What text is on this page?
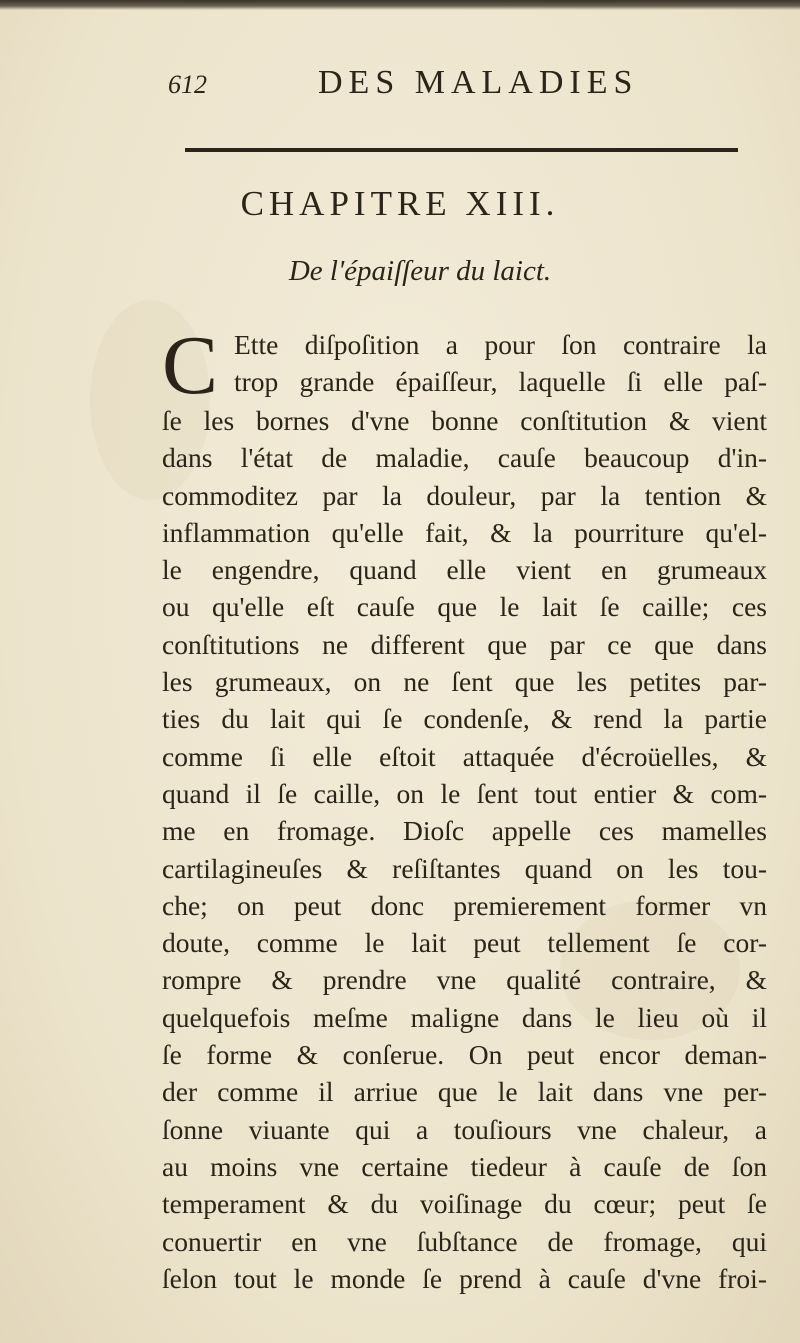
612	DES MALADIES
CHAPITRE XIII.
De l'épaiſſeur du laict.
C Ette diſpoſition a pour ſon contraire la
trop grande épaiſſeur, laquelle ſi elle paſ-
ſe les bornes d'vne bonne conſtitution & vient
dans l'état de maladie, cauſe beaucoup d'in-
commoditez par la douleur, par la tention &
inflammation qu'elle fait, & la pourriture qu'el-
le engendre, quand elle vient en grumeaux
ou qu'elle eſt cauſe que le lait ſe caille; ces
conſtitutions ne different que par ce que dans
les grumeaux, on ne ſent que les petites par-
ties du lait qui ſe condenſe, & rend la partie
comme ſi elle eſtoit attaquée d'écroüelles, &
quand il ſe caille, on le ſent tout entier & com-
me en fromage. Dioſc appelle ces mamelles
cartilagineuſes & reſiſtantes quand on les tou-
che; on peut donc premierement former vn
doute, comme le lait peut tellement ſe cor-
rompre & prendre vne qualité contraire, &
quelquefois meſme maligne dans le lieu où il
ſe forme & conſerue. On peut encor deman-
der comme il arriue que le lait dans vne per-
ſonne viuante qui a touſiours vne chaleur, a
au moins vne certaine tiedeur à cauſe de ſon
temperament & du voiſinage du cœur; peut ſe
conuertir en vne ſubſtance de fromage, qui
ſelon tout le monde ſe prend à cauſe d'vne froi-
